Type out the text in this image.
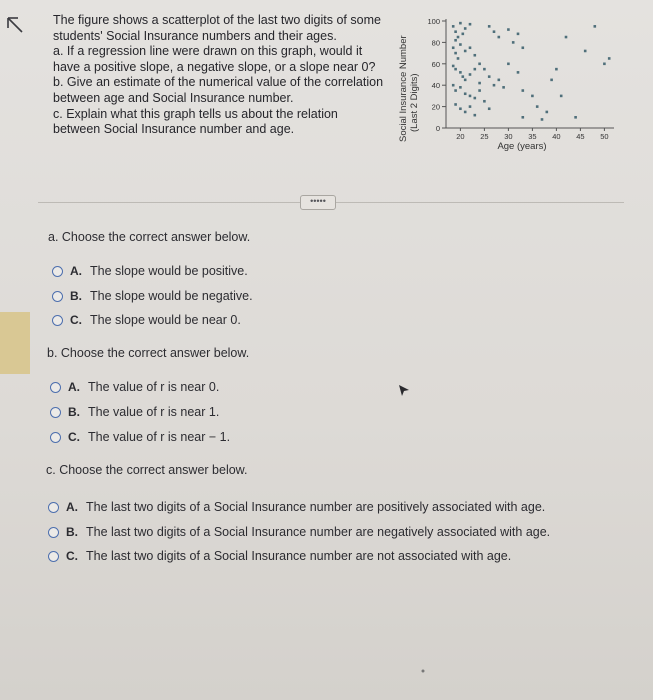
The figure shows a scatterplot of the last two digits of some
students' Social Insurance numbers and their ages.
a. If a regression line were drawn on this graph, would it
have a positive slope, a negative slope, or a slope near 0?
b. Give an estimate of the numerical value of the correlation
between age and Social Insurance number.
c. Explain what this graph tells us about the relation
between Social Insurance number and age.	Social Insurance Number (Last 2 Digits)
Age (years)
0
20
40
60
80
100
20 25 30 35 40 45 50
•••••
a. Choose the correct answer below.
A. The slope would be positive.
B. The slope would be negative.
C. The slope would be near 0.
b. Choose the correct answer below.
A. The value of r is near 0.
B. The value of r is near 1.
C. The value of r is near − 1.
c. Choose the correct answer below.
A. The last two digits of a Social Insurance number are positively associated with age.
B. The last two digits of a Social Insurance number are negatively associated with age.
C. The last two digits of a Social Insurance number are not associated with age.
